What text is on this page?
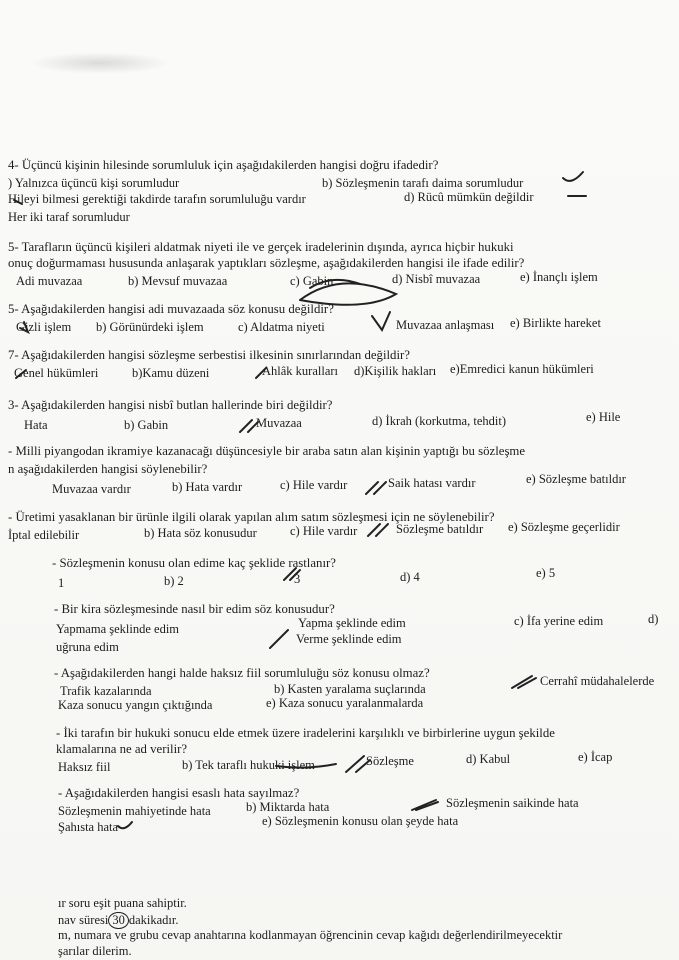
4- Üçüncü kişinin hilesinde sorumluluk için aşağıdakilerden hangisi doğru ifadedir?
) Yalnızca üçüncü kişi sorumludur	b) Sözleşmenin tarafı daima sorumludur
Hileyi bilmesi gerektiği takdirde tarafın sorumluluğu vardır	d) Rücû mümkün değildir
Her iki taraf sorumludur
5- Tarafların üçüncü kişileri aldatmak niyeti ile ve gerçek iradelerinin dışında, ayrıca hiçbir hukuki
onuç doğurmaması hususunda anlaşarak yaptıkları sözleşme, aşağıdakilerden hangisi ile ifade edilir?
Adi muvazaa	b) Mevsuf muvazaa	c) Gabin	d) Nisbî muvazaa	e) İnançlı işlem
5- Aşağıdakilerden hangisi adi muvazaada söz konusu değildir?
Gizli işlem b) Görünürdeki işlem	c) Aldatma niyeti	Muvazaa anlaşması e) Birlikte hareket
7- Aşağıdakilerden hangisi sözleşme serbestisi ilkesinin sınırlarından değildir?
Genel hükümleri	b)Kamu düzeni	Ahlâk kuralları d)Kişilik hakları e)Emredici kanun hükümleri
3- Aşağıdakilerden hangisi nisbî butlan hallerinde biri değildir?
Hata	b) Gabin	Muvazaa	d) İkrah (korkutma, tehdit)	e) Hile
- Milli piyangodan ikramiye kazanacağı düşüncesiyle bir araba satın alan kişinin yaptığı bu sözleşme
n aşağıdakilerden hangisi söylenebilir?
Muvazaa vardır	b) Hata vardır	c) Hile vardır	Saik hatası vardır	e) Sözleşme batıldır
- Üretimi yasaklanan bir ürünle ilgili olarak yapılan alım satım sözleşmesi için ne söylenebilir?
İptal edilebilir	b) Hata söz konusudur	c) Hile vardır	Sözleşme batıldır e) Sözleşme geçerlidir
- Sözleşmenin konusu olan edime kaç şeklide rastlanır?
1	b) 2	3	d) 4	e) 5
- Bir kira sözleşmesinde nasıl bir edim söz konusudur?
Yapmama şeklinde edim	Yapma şeklinde edim	c) İfa yerine edim	d)
uğruna edim
Verme şeklinde edim
- Aşağıdakilerden hangi halde haksız fiil sorumluluğu söz konusu olmaz?
Trafik kazalarında	b) Kasten yaralama suçlarında
Cerrahî müdahalelerde
Kaza sonucu yangın çıktığında	e) Kaza sonucu yaralanmalarda
- İki tarafın bir hukuki sonucu elde etmek üzere iradelerini karşılıklı ve birbirlerine uygun şekilde
klamalarına ne ad verilir?
Haksız fiil	b) Tek taraflı hukuki işlem	Sözleşme	d) Kabul	e) İcap
- Aşağıdakilerden hangisi esaslı hata sayılmaz?
Sözleşmenin mahiyetinde hata	b) Miktarda hata	Sözleşmenin saikinde hata
Şahısta hata	e) Sözleşmenin konusu olan şeyde hata
ır soru eşit puana sahiptir.
nav süresi 30 dakikadır.
m, numara ve grubu cevap anahtarına kodlanmayan öğrencinin cevap kağıdı değerlendirilmeyecektir
şarılar dilerim.
